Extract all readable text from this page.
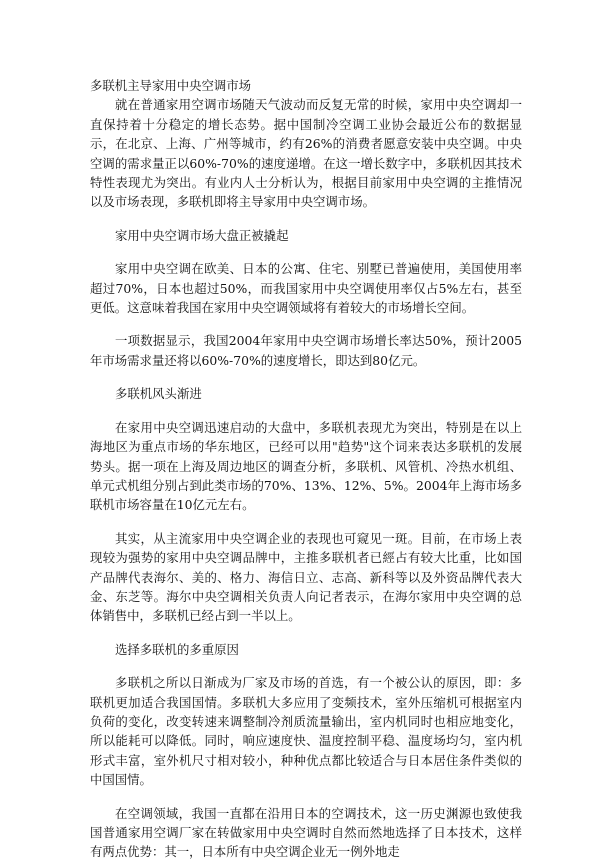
多联机主导家用中央空调市场

就在普通家用空调市场随天气波动而反复无常的时候，家用中央空调却一直保持着十分稳定的增长态势。据中国制冷空调工业协会最近公布的数据显示，在北京、上海、广州等城市，约有26%的消费者愿意安装中央空调。中央空调的需求量正以60%-70%的速度递增。在这一增长数字中，多联机因其技术特性表现尤为突出。有业内人士分析认为，根据目前家用中央空调的主推情况以及市场表现，多联机即将主导家用中央空调市场。

家用中央空调市场大盘正被撬起

家用中央空调在欧美、日本的公寓、住宅、别墅已普遍使用，美国使用率超过70%，日本也超过50%，而我国家用中央空调使用率仅占5%左右，甚至更低。这意味着我国在家用中央空调领域将有着较大的市场增长空间。

一项数据显示，我国2004年家用中央空调市场增长率达50%，预计2005年市场需求量还将以60%-70%的速度增长，即达到80亿元。

多联机风头渐进

在家用中央空调迅速启动的大盘中，多联机表现尤为突出，特别是在以上海地区为重点市场的华东地区，已经可以用"趋势"这个词来表达多联机的发展势头。据一项在上海及周边地区的调查分析，多联机、风管机、冷热水机组、单元式机组分别占到此类市场的70%、13%、12%、5%。2004年上海市场多联机市场容量在10亿元左右。

其实，从主流家用中央空调企业的表现也可窥见一斑。目前，在市场上表现较为强势的家用中央空调品牌中，主推多联机者已經占有较大比重，比如国产品牌代表海尔、美的、格力、海信日立、志高、新科等以及外资品牌代表大金、东芝等。海尔中央空调相关负责人向记者表示，在海尔家用中央空调的总体销售中，多联机已经占到一半以上。

选择多联机的多重原因

多联机之所以日渐成为厂家及市场的首选，有一个被公认的原因，即：多联机更加适合我国国情。多联机大多应用了变频技术，室外压缩机可根据室内负荷的变化，改变转速来调整制冷剂质流量输出，室内机同时也相应地变化，所以能耗可以降低。同时，响应速度快、温度控制平稳、温度场均匀，室内机形式丰富，室外机尺寸相对较小，种种优点都比较适合与日本居住条件类似的中国国情。

在空调领域，我国一直都在沿用日本的空调技术，这一历史渊源也致使我国普通家用空调厂家在转做家用中央空调时自然而然地选择了日本技术，这样有两点优势：其一，日本所有中央空调企业无一例外地走
